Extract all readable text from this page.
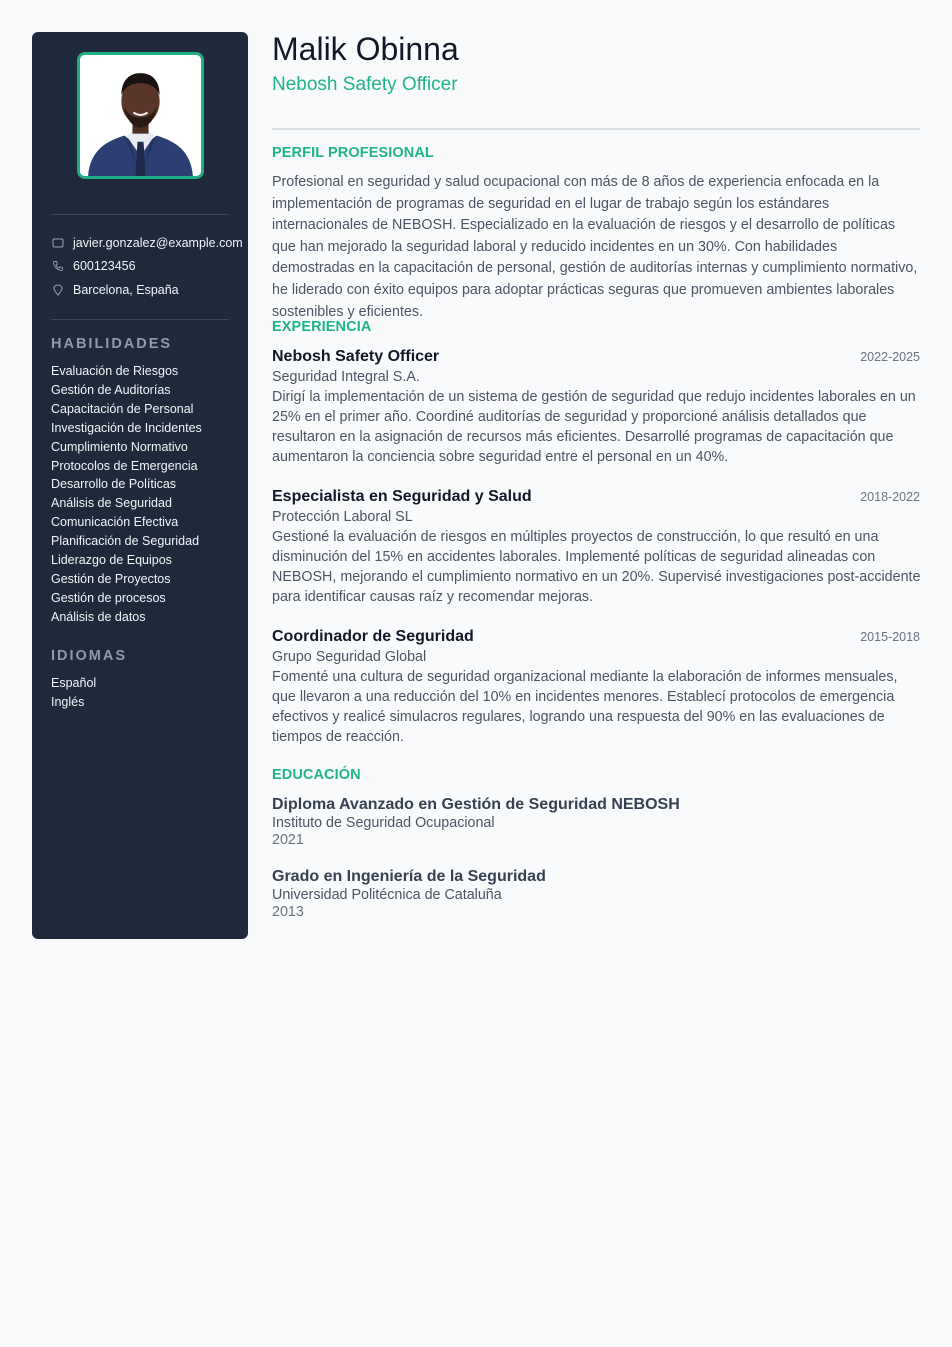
javier.gonzalez@example.com
600123456
Barcelona, España
HABILIDADES
Evaluación de Riesgos
Gestión de Auditorías
Capacitación de Personal
Investigación de Incidentes
Cumplimiento Normativo
Protocolos de Emergencia
Desarrollo de Políticas
Análisis de Seguridad
Comunicación Efectiva
Planificación de Seguridad
Liderazgo de Equipos
Gestión de Proyectos
Gestión de procesos
Análisis de datos
IDIOMAS
Español
Inglés
Malik Obinna
Nebosh Safety Officer
PERFIL PROFESIONAL

Profesional en seguridad y salud ocupacional con más de 8 años de experiencia enfocada en la implementación de programas de seguridad en el lugar de trabajo según los estándares internacionales de NEBOSH. Especializado en la evaluación de riesgos y el desarrollo de políticas que han mejorado la seguridad laboral y reducido incidentes en un 30%. Con habilidades demostradas en la capacitación de personal, gestión de auditorías internas y cumplimiento normativo, he liderado con éxito equipos para adoptar prácticas seguras que promueven ambientes laborales sostenibles y eficientes.

EXPERIENCIA
Nebosh Safety Officer	2022-2025
Seguridad Integral S.A.

Dirigí la implementación de un sistema de gestión de seguridad que redujo incidentes laborales en un 25% en el primer año. Coordiné auditorías de seguridad y proporcioné análisis detallados que resultaron en la asignación de recursos más eficientes. Desarrollé programas de capacitación que aumentaron la conciencia sobre seguridad entre el personal en un 40%.

Especialista en Seguridad y Salud	2018-2022
Protección Laboral SL

Gestioné la evaluación de riesgos en múltiples proyectos de construcción, lo que resultó en una disminución del 15% en accidentes laborales. Implementé políticas de seguridad alineadas con NEBOSH, mejorando el cumplimiento normativo en un 20%. Supervisé investigaciones post-accidente para identificar causas raíz y recomendar mejoras.

Coordinador de Seguridad	2015-2018
Grupo Seguridad Global

Fomenté una cultura de seguridad organizacional mediante la elaboración de informes mensuales, que llevaron a una reducción del 10% en incidentes menores. Establecí protocolos de emergencia efectivos y realicé simulacros regulares, logrando una respuesta del 90% en las evaluaciones de tiempos de reacción.

EDUCACIÓN
Diploma Avanzado en Gestión de Seguridad NEBOSH
Instituto de Seguridad Ocupacional
2021
Grado en Ingeniería de la Seguridad
Universidad Politécnica de Cataluña
2013
